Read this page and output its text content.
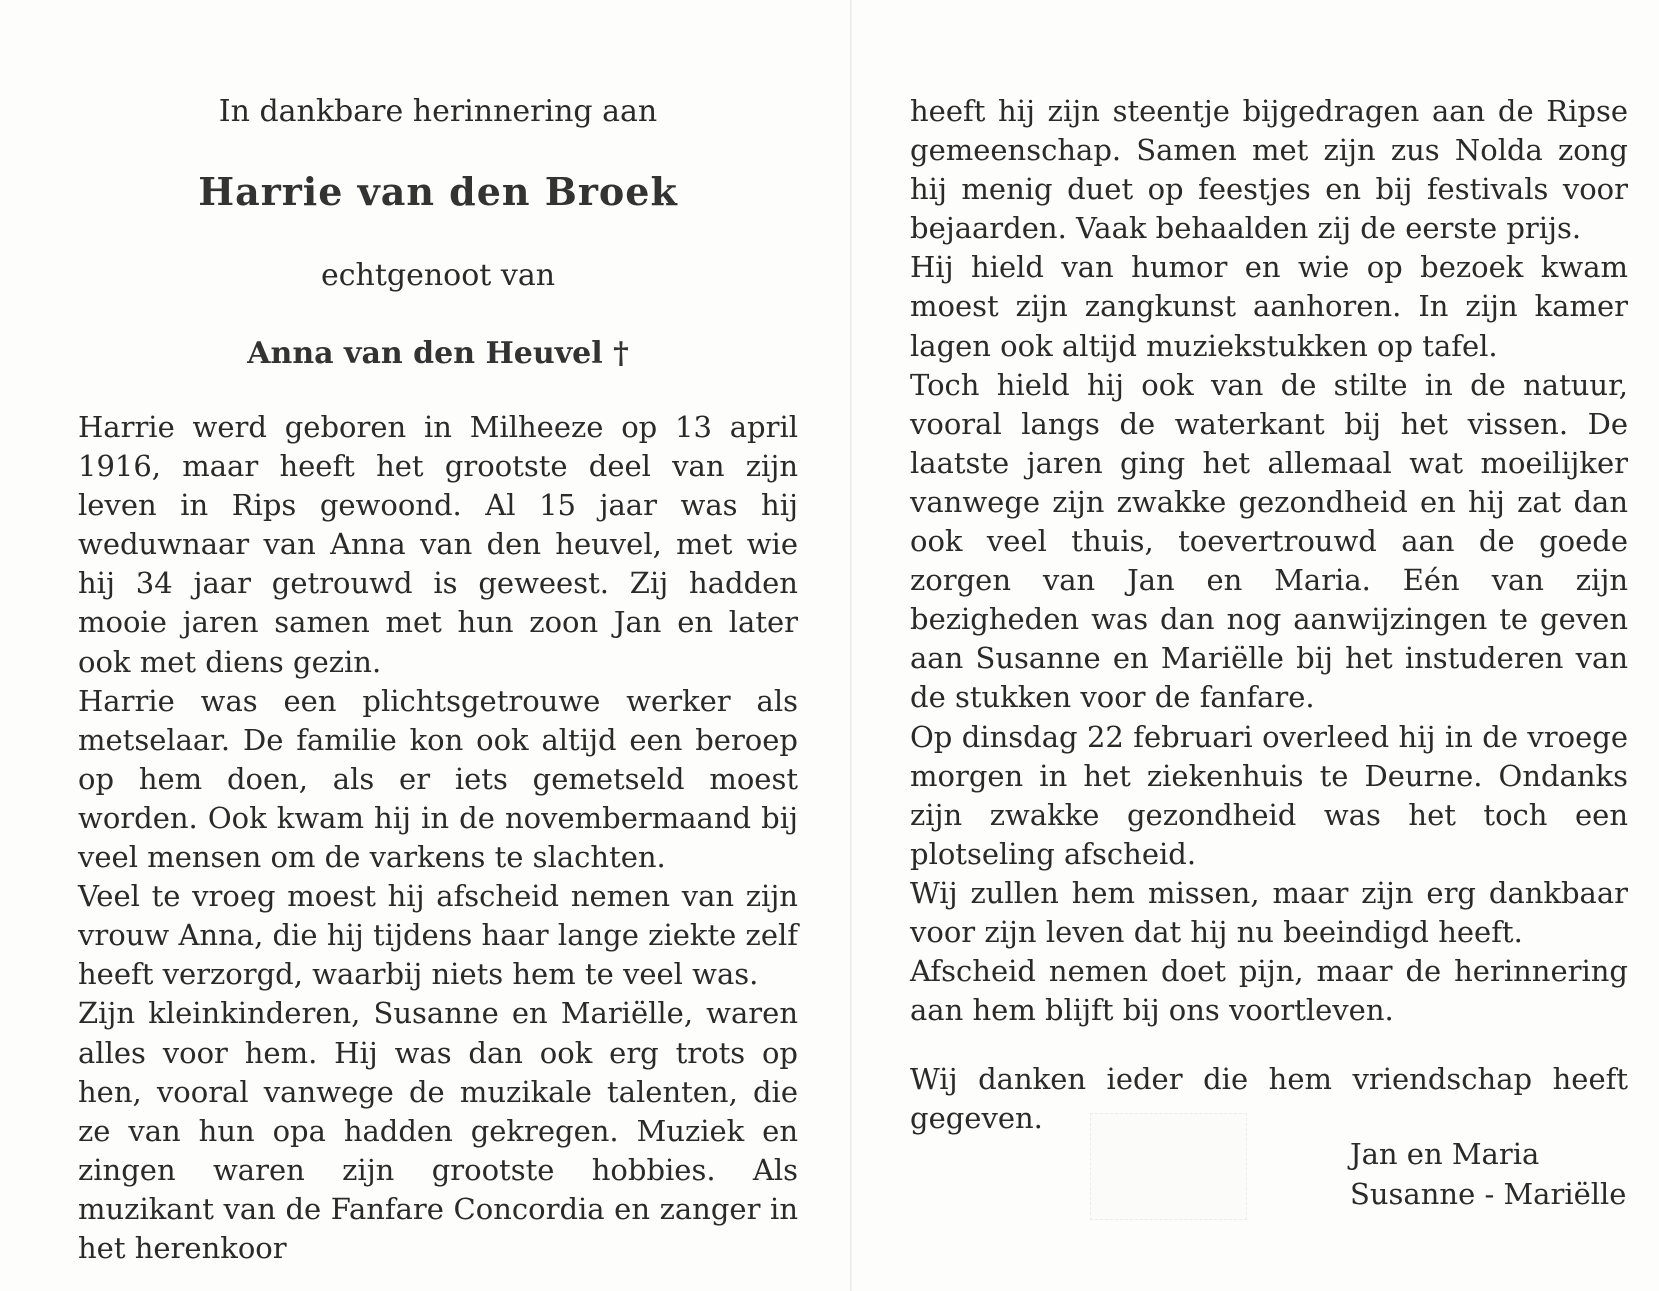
In dankbare herinnering aan

Harrie van den Broek

echtgenoot van

Anna van den Heuvel †

Harrie werd geboren in Milheeze op 13 april 1916, maar heeft het grootste deel van zijn leven in Rips gewoond. Al 15 jaar was hij weduwnaar van Anna van den heuvel, met wie hij 34 jaar getrouwd is geweest. Zij hadden mooie jaren samen met hun zoon Jan en later ook met diens gezin.

Harrie was een plichtsgetrouwe werker als metselaar. De familie kon ook altijd een beroep op hem doen, als er iets gemetseld moest worden. Ook kwam hij in de novembermaand bij veel mensen om de varkens te slachten.

Veel te vroeg moest hij afscheid nemen van zijn vrouw Anna, die hij tijdens haar lange ziekte zelf heeft verzorgd, waarbij niets hem te veel was.

Zijn kleinkinderen, Susanne en Mariëlle, waren alles voor hem. Hij was dan ook erg trots op hen, vooral vanwege de muzikale talenten, die ze van hun opa hadden gekregen. Muziek en zingen waren zijn grootste hobbies. Als muzikant van de Fanfare Concordia en zanger in het herenkoor

heeft hij zijn steentje bijgedragen aan de Ripse gemeenschap. Samen met zijn zus Nolda zong hij menig duet op feestjes en bij festivals voor bejaarden. Vaak behaalden zij de eerste prijs.

Hij hield van humor en wie op bezoek kwam moest zijn zangkunst aanhoren. In zijn kamer lagen ook altijd muziekstukken op tafel.

Toch hield hij ook van de stilte in de natuur, vooral langs de waterkant bij het vissen. De laatste jaren ging het allemaal wat moeilijker vanwege zijn zwakke gezondheid en hij zat dan ook veel thuis, toevertrouwd aan de goede zorgen van Jan en Maria. Eén van zijn bezigheden was dan nog aanwijzingen te geven aan Susanne en Mariëlle bij het instuderen van de stukken voor de fanfare.

Op dinsdag 22 februari overleed hij in de vroege morgen in het ziekenhuis te Deurne. Ondanks zijn zwakke gezondheid was het toch een plotseling afscheid.

Wij zullen hem missen, maar zijn erg dankbaar voor zijn leven dat hij nu beeindigd heeft.

Afscheid nemen doet pijn, maar de herinnering aan hem blijft bij ons voortleven.

Wij danken ieder die hem vriendschap heeft gegeven.

Jan en Maria
Susanne - Mariëlle
